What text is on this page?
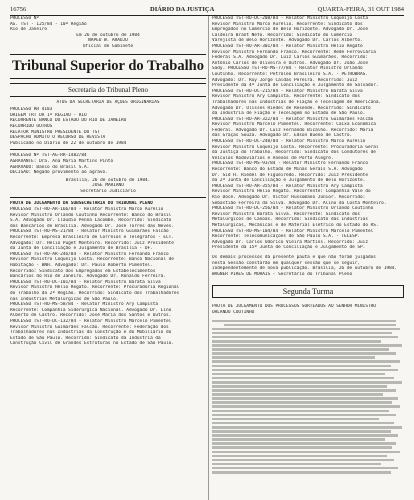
16756	DIÁRIO DA JUSTIÇA	QUARTA-FEIRA, 31 OUT 1984
PROCESSO Nº
AG. TST - 125/84 - 10ª Região
Rio de Janeiro
Em 26 de outubro de 1984
NAPEU W. ARAÚJO
Oficial de Gabinete
Tribunal Superior do Trabalho
Secretaria do Tribunal Pleno
ATOS DA SECRETARIA DE AÇÕES ORIGINÁRIAS
PROCESSO RR 4183
ORIGEM TRT DA 1ª REGIÃO - RIO
RECORRENTE BANCO DO ESTADO DO RIO DE JANEIRO
RECORRIDO OUTROS
RELATOR MINISTRO PRESIDENTE DO TST
DESPACHO ADMITO O RECURSO DE REVISTA
Publicado no Diário de 22 de outubro de 1984
PROCESSO Nº TST-AG-RR-1482/84
AGRAVANTE: Dra. Ana Maria Martins Pinto
AGRAVADO: Banco do Brasil S.A.
DECISÃO: Negado provimento ao agravo.
Brasília, 26 de outubro de 1984.
JOSÉ MARIANO
Secretário Judiciário
PAUTA DE JULGAMENTO DA SUBSECRETARIA DO TRIBUNAL PLENO
PROCESSO TST-RO-AR-166/84 - Relator Ministro Marco Aurélio
Revisor Ministro Orlando Coutinho Recorrente: Banco do Brasil
S.A. Advogado Dr. Cláudio Penna Lacombe. Recorrido: Sindicato
dos Bancários de Brasília. Advogado Dr. José Torres das Neves.
PROCESSO TST-RO-MS-21/84 - Relator Ministro Guimarães Falcão
Recorrente: Empresa Brasileira de Correios e Telégrafos - ECT.
Advogado: Dr. Hélio Puget Monteiro. Recorrido: Juiz Presidente
da Junta de Conciliação e Julgamento de Brasília - DF.
PROCESSO TST-RO-AR-246/84 - Relator Ministro Fernando Franco
Revisor Ministro Coqueijo Costa. Recorrente: Banco Nacional de
Habitação - BNH. Advogado: Dr. Paulo Roberto Pimentel.
Recorrido: Sindicato dos Empregados em Estabelecimentos
Bancários do Rio de Janeiro. Advogado Dr. Ronaldo Ferreira.
PROCESSO TST-RO-DC-101/84 - Relator Ministro Barata Silva
Revisor Ministro Hélio Regato. Recorrente: Procuradoria Regional
do Trabalho da 2ª Região. Recorrido: Sindicato dos Trabalhadores
nas Indústrias Metalúrgicas de São Paulo.
PROCESSO TST-RO-MS-58/84 - Relator Ministro Ary Campista
Recorrente: Companhia Siderúrgica Nacional. Advogado Dr. Lino
Alberto de Castro. Recorrido: José Maria dos Santos e Outros.
PROCESSO TST-RO-DC-132/84 - Relator Ministro Marcelo Pimentel
Revisor Ministro Guimarães Falcão. Recorrente: Federação dos
Trabalhadores nas Indústrias da Construção e do Mobiliário do
Estado de São Paulo. Recorrido: Sindicato da Indústria da
Construção Civil de Grandes Estruturas no Estado de São Paulo.
PROCESSO TST-RO-DC-208/84 - Relator Ministro Coqueijo Costa
Revisor Ministro Marco Aurélio. Recorrente: Sindicato dos
Empregados no Comércio de Belo Horizonte. Advogado Dr. José
Caldeira Brant Neto. Recorrido: Sindicato do Comércio
Varejista de Belo Horizonte. Advogado Dr. Carlos Alberto.
PROCESSO TST-RO-AR-301/84 - Relator Ministro Hélio Regato
Revisor Ministro Fernando Franco. Recorrente: Rede Ferroviária
Federal S.A. Advogado Dr. Luiz Carlos Guimarães. Recorrido:
Antônio Carlos de Oliveira e Outros. Advogado Dr. João José
Sady. PROCESSO TST-RO-MS-77/84 - Relator Ministro Orlando
Coutinho. Recorrente: Petróleo Brasileiro S.A. - PETROBRÁS.
Advogado: Dr. Ruy Jorge Caldas Pereira. Recorrido: Juiz
Presidente da 4ª Junta de Conciliação e Julgamento de Salvador.
PROCESSO TST-RO-DC-215/84 - Relator Ministro Barata Silva
Revisor Ministro Ary Campista. Recorrente: Sindicato dos
Trabalhadores nas Indústrias de Fiação e Tecelagem de Americana.
Advogado Dr. Ulisses Riedel de Resende. Recorrido: Sindicato
da Indústria de Fiação e Tecelagem no Estado de São Paulo.
PROCESSO TST-RO-AR-322/84 - Relator Ministro Guimarães Falcão
Revisor Ministro Marcelo Pimentel. Recorrente: Caixa Econômica
Federal. Advogado Dr. Luiz Fernando Bicalho. Recorrido: Maria
das Graças Souza. Advogado Dr. Edson Bueno de Castro.
PROCESSO TST-RO-DC-240/84 - Relator Ministro Marco Aurélio
Revisor Ministro Coqueijo Costa. Recorrente: Procuradoria Geral
da Justiça do Trabalho. Recorrido: Sindicato dos Condutores de
Veículos Rodoviários e Anexos de Porto Alegre.
PROCESSO TST-RO-MS-93/84 - Relator Ministro Fernando Franco
Recorrente: Banco do Estado de Minas Gerais S.A. Advogado
Dr. Sid H. Riedel de Figueiredo. Recorrido: Juiz Presidente
da 2ª Junta de Conciliação e Julgamento de Belo Horizonte.
PROCESSO TST-RO-AR-355/84 - Relator Ministro Ary Campista
Revisor Ministro Hélio Regato. Recorrente: Companhia Vale do
Rio Doce. Advogado Dr. Victor Russomano Júnior. Recorrido:
Sebastião Ferreira da Silva. Advogado Dr. Alino da Costa Monteiro.
PROCESSO TST-RO-DC-256/84 - Relator Ministro Orlando Coutinho
Revisor Ministro Barata Silva. Recorrente: Sindicato dos
Metalúrgicos de Canoas. Recorrido: Sindicato das Indústrias
Metalúrgicas, Mecânicas e de Material Elétrico do Estado do RS.
PROCESSO TST-RO-MS-104/84 - Relator Ministro Marcelo Pimentel
Recorrente: Telecomunicações de São Paulo S.A. - TELESP.
Advogado Dr. Carlos Odorico Vieira Martins. Recorrido: Juiz
Presidente da 15ª Junta de Conciliação e Julgamento de SP.
Os demais processos da presente pauta e que não foram julgados
nesta Sessão constarão em qualquer sessão que se seguir,
independentemente de nova publicação. Brasília, 26 de outubro de 1984.
WAGNER PIRES DE MORAIS - Secretário do Tribunal Pleno
Segunda Turma
PAUTA DE JULGAMENTO DOS PROCESSOS SORTEADOS AO SENHOR MINISTRO
ORLANDO COUTINHO
